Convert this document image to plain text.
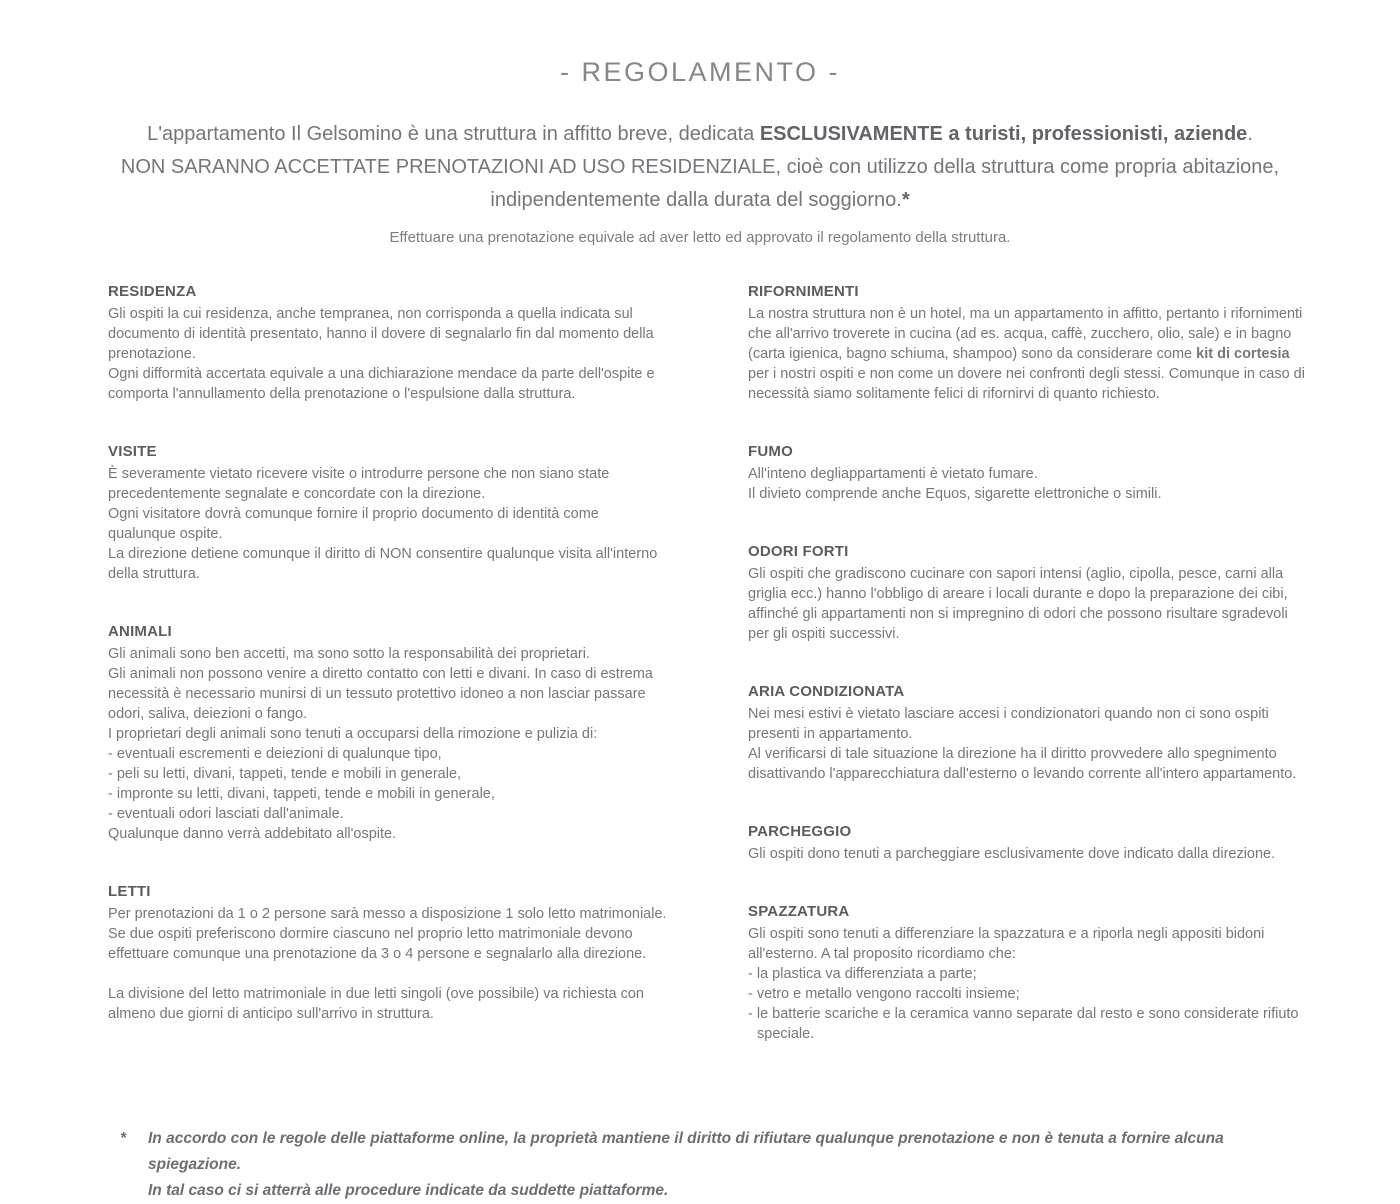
- REGOLAMENTO -

L'appartamento Il Gelsomino è una struttura in affitto breve, dedicata ESCLUSIVAMENTE a turisti, professionisti, aziende.
NON SARANNO ACCETTATE PRENOTAZIONI AD USO RESIDENZIALE, cioè con utilizzo della struttura come propria abitazione,
indipendentemente dalla durata del soggiorno.*

Effettuare una prenotazione equivale ad aver letto ed approvato il regolamento della struttura.

RESIDENZA

Gli ospiti la cui residenza, anche tempranea, non corrisponda a quella indicata sul documento di identità presentato, hanno il dovere di segnalarlo fin dal momento della prenotazione.

Ogni difformità accertata equivale a una dichiarazione mendace da parte dell'ospite e comporta l'annullamento della prenotazione o l'espulsione dalla struttura.

VISITE

È severamente vietato ricevere visite o introdurre persone che non siano state precedentemente segnalate e concordate con la direzione.

Ogni visitatore dovrà comunque fornire il proprio documento di identità come qualunque ospite.

La direzione detiene comunque il diritto di NON consentire qualunque visita all'interno della struttura.

ANIMALI

Gli animali sono ben accetti, ma sono sotto la responsabilità dei proprietari.

Gli animali non possono venire a diretto contatto con letti e divani. In caso di estrema necessità è necessario munirsi di un tessuto protettivo idoneo a non lasciar passare odori, saliva, deiezioni o fango.

I proprietari degli animali sono tenuti a occuparsi della rimozione e pulizia di:

- eventuali escrementi e deiezioni di qualunque tipo,

- peli su letti, divani, tappeti, tende e mobili in generale,

- impronte su letti, divani, tappeti, tende e mobili in generale,

- eventuali odori lasciati dall'animale.

Qualunque danno verrà addebitato all'ospite.

LETTI

Per prenotazioni da 1 o 2 persone sarà messo a disposizione 1 solo letto matrimoniale.

Se due ospiti preferiscono dormire ciascuno nel proprio letto matrimoniale devono effettuare comunque una prenotazione da 3 o 4 persone e segnalarlo alla direzione.

La divisione del letto matrimoniale in due letti singoli (ove possibile) va richiesta con almeno due giorni di anticipo sull'arrivo in struttura.

RIFORNIMENTI

La nostra struttura non è un hotel, ma un appartamento in affitto, pertanto i rifornimenti che all'arrivo troverete in cucina (ad es. acqua, caffè, zucchero, olio, sale) e in bagno (carta igienica, bagno schiuma, shampoo) sono da considerare come kit di cortesia per i nostri ospiti e non come un dovere nei confronti degli stessi. Comunque in caso di necessità siamo solitamente felici di rifornirvi di quanto richiesto.

FUMO

All'inteno degliappartamenti è vietato fumare.

Il divieto comprende anche Equos, sigarette elettroniche o simili.

ODORI FORTI

Gli ospiti che gradiscono cucinare con sapori intensi (aglio, cipolla, pesce, carni alla griglia ecc.) hanno l'obbligo di areare i locali durante e dopo la preparazione dei cibi, affinché gli appartamenti non si impregnino di odori che possono risultare sgradevoli per gli ospiti successivi.

ARIA CONDIZIONATA

Nei mesi estivi è vietato lasciare accesi i condizionatori quando non ci sono ospiti presenti in appartamento.

Al verificarsi di tale situazione la direzione ha il diritto provvedere allo spegnimento disattivando l'apparecchiatura dall'esterno o levando corrente all'intero appartamento.

PARCHEGGIO

Gli ospiti dono tenuti a parcheggiare esclusivamente dove indicato dalla direzione.

SPAZZATURA

Gli ospiti sono tenuti a differenziare la spazzatura e a riporla negli appositi bidoni all'esterno. A tal proposito ricordiamo che:

- la plastica va differenziata a parte;

- vetro e metallo vengono raccolti insieme;

- le batterie scariche e la ceramica vanno separate dal resto e sono considerate rifiuto speciale.

*	In accordo con le regole delle piattaforme online, la proprietà mantiene il diritto di rifiutare qualunque prenotazione e non è tenuta a fornire alcuna spiegazione.
In tal caso ci si atterrà alle procedure indicate da suddette piattaforme.
